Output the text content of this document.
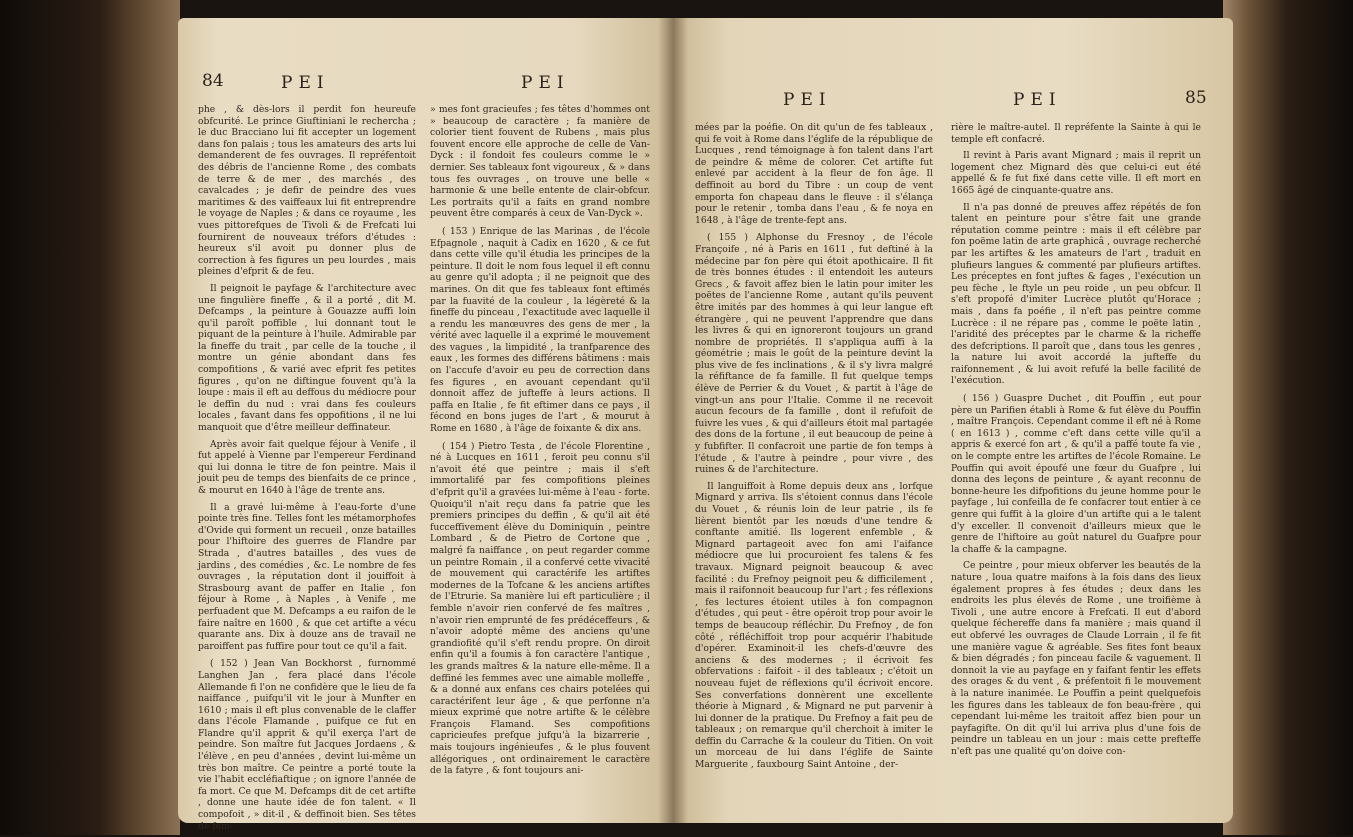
84	PEI	PEI

phe , & dès-lors il perdit fon heureufe obfcurité. Le prince Giuftiniani le rechercha ; le duc Bracciano lui fit accepter un logement dans fon palais ; tous les amateurs des arts lui demanderent de fes ouvrages. Il repréfentoit des débris de l'ancienne Rome , des combats de terre & de mer , des marchés , des cavalcades ; je defir de peindre des vues maritimes & des vaiffeaux lui fit entreprendre le voyage de Naples ; & dans ce royaume , les vues pittorefques de Tivoli & de Frefcati lui fournirent de nouveaux tréfors d'études : heureux s'il avoit pu donner plus de correction à fes figures un peu lourdes , mais pleines d'efprit & de feu.

Il peignoit le payfage & l'architecture avec une fingulière fineffe , & il a porté , dit M. Defcamps , la peinture à Gouazze auffi loin qu'il paroît poffible , lui donnant tout le piquant de la peinture à l'huile. Admirable par la fineffe du trait , par celle de la touche , il montre un génie abondant dans fes compofitions , & varié avec efprit fes petites figures , qu'on ne diftingue fouvent qu'à la loupe : mais il eft au deffous du médiocre pour le deffin du nud : vrai dans fes couleurs locales , favant dans fes oppofitions , il ne lui manquoit que d'être meilleur deffinateur.

Après avoir fait quelque féjour à Venife , il fut appelé à Vienne par l'empereur Ferdinand qui lui donna le titre de fon peintre. Mais il jouit peu de temps des bienfaits de ce prince , & mourut en 1640 à l'âge de trente ans.

Il a gravé lui-même à l'eau-forte d'une pointe très fine. Telles font les métamorphofes d'Ovide qui forment un recueil , onze batailles pour l'hiftoire des guerres de Flandre par Strada , d'autres batailles , des vues de jardins , des comédies , &c. Le nombre de fes ouvrages , la réputation dont il jouiffoit à Strasbourg avant de paffer en Italie , fon féjour à Rome , à Naples , à Venife , me perfuadent que M. Defcamps a eu raifon de le faire naître en 1600 , & que cet artifte a vécu quarante ans. Dix à douze ans de travail ne paroiffent pas fuffire pour tout ce qu'il a fait.

( 152 ) Jean Van Bockhorst , furnommé Langhen Jan , fera placé dans l'école Allemande fi l'on ne confidère que le lieu de fa naiffance , puifqu'il vit le jour à Munfter en 1610 ; mais il eft plus convenable de le claffer dans l'école Flamande , puifque ce fut en Flandre qu'il apprit & qu'il exerça l'art de peindre. Son maître fut Jacques Jordaens , & l'élève , en peu d'années , devint lui-même un très bon maître. Ce peintre a porté toute la vie l'habit eccléfiaftique ; on ignore l'année de fa mort. Ce que M. Defcamps dit de cet artifte , donne une haute idée de fon talent. « Il compofoit , » dit-il , & deffinoit bien. Ses têtes de fem-

» mes font gracieufes ; fes têtes d'hommes ont » beaucoup de caractère ; fa manière de colorier tient fouvent de Rubens , mais plus fouvent encore elle approche de celle de Van-Dyck : il fondoit fes couleurs comme le » dernier. Ses tableaux font vigoureux , & » dans tous fes ouvrages , on trouve une belle « harmonie & une belle entente de clair-obfcur. Les portraits qu'il a faits en grand nombre peuvent être comparés à ceux de Van-Dyck ».

( 153 ) Enrique de las Marinas , de l'école Efpagnole , naquit à Cadix en 1620 , & ce fut dans cette ville qu'il étudia les principes de la peinture. Il doit le nom fous lequel il eft connu au genre qu'il adopta ; il ne peignoit que des marines. On dit que fes tableaux font eftimés par la fuavité de la couleur , la légèreté & la fineffe du pinceau , l'exactitude avec laquelle il a rendu les manœuvres des gens de mer , la vérité avec laquelle il a exprimé le mouvement des vagues , la limpidité , la tranfparence des eaux , les formes des différens bâtimens : mais on l'accufe d'avoir eu peu de correction dans fes figures , en avouant cependant qu'il donnoit affez de jufteffe à leurs actions. Il paffa en Italie , fe fit eftimer dans ce pays , il fécond en bons juges de l'art , & mourut à Rome en 1680 , à l'âge de foixante & dix ans.

( 154 ) Pietro Testa , de l'école Florentine , né à Lucques en 1611 , feroit peu connu s'il n'avoit été que peintre ; mais il s'eft immortalifé par fes compofitions pleines d'efprit qu'il a gravées lui-même à l'eau - forte. Quoiqu'il n'ait reçu dans fa patrie que les premiers principes du deffin , & qu'il ait été fucceffivement élève du Dominiquin , peintre Lombard , & de Pietro de Cortone que , malgré fa naiffance , on peut regarder comme un peintre Romain , il a confervé cette vivacité de mouvement qui caractérife les artiftes modernes de la Tofcane & les anciens artiftes de l'Etrurie. Sa manière lui eft particulière ; il femble n'avoir rien confervé de fes maîtres , n'avoir rien emprunté de fes prédéceffeurs , & n'avoir adopté même des anciens qu'une grandiofité qu'il s'eft rendu propre. On diroit enfin qu'il a foumis à fon caractère l'antique , les grands maîtres & la nature elle-même. Il a deffiné les femmes avec une aimable molleffe , & a donné aux enfans ces chairs potelées qui caractérifent leur âge , & que perfonne n'a mieux exprimé que notre artifte & le célèbre François Flamand. Ses compofitions capricieufes prefque jufqu'à la bizarrerie , mais toujours ingénieufes , & le plus fouvent allégoriques , ont ordinairement le caractère de la fatyre , & font toujours ani-

PEI	PEI	85

mées par la poéfie. On dit qu'un de fes tableaux , qui fe voit à Rome dans l'églife de la république de Lucques , rend témoignage à fon talent dans l'art de peindre & même de colorer. Cet artifte fut enlevé par accident à la fleur de fon âge. Il deffinoit au bord du Tibre : un coup de vent emporta fon chapeau dans le fleuve : il s'élança pour le retenir , tomba dans l'eau , & fe noya en 1648 , à l'âge de trente-fept ans.

( 155 ) Alphonse du Fresnoy , de l'école Françoife , né à Paris en 1611 , fut deftiné à la médecine par fon père qui étoit apothicaire. Il fit de très bonnes études : il entendoit les auteurs Grecs , & favoit affez bien le latin pour imiter les poëtes de l'ancienne Rome , autant qu'ils peuvent être imités par des hommes à qui leur langue eft étrangère , qui ne peuvent l'apprendre que dans les livres & qui en ignoreront toujours un grand nombre de propriétés. Il s'appliqua auffi à la géométrie ; mais le goût de la peinture devint la plus vive de fes inclinations , & il s'y livra malgré la réfiftance de fa famille. Il fut quelque temps élève de Perrier & du Vouet , & partit à l'âge de vingt-un ans pour l'Italie. Comme il ne recevoit aucun fecours de fa famille , dont il refufoit de fuivre les vues , & qui d'ailleurs étoit mal partagée des dons de la fortune , il eut beaucoup de peine à y fubfifter. Il confacroit une partie de fon temps à l'étude , & l'autre à peindre , pour vivre , des ruines & de l'architecture.

Il languiffoit à Rome depuis deux ans , lorfque Mignard y arriva. Ils s'étoient connus dans l'école du Vouet , & réunis loin de leur patrie , ils fe lièrent bientôt par les nœuds d'une tendre & conftante amitié. Ils logerent enfemble , & Mignard partageoit avec fon ami l'aifance médiocre que lui procuroient fes talens & fes travaux. Mignard peignoit beaucoup & avec facilité : du Frefnoy peignoit peu & difficilement , mais il raifonnoit beaucoup fur l'art ; fes réflexions , fes lectures étoient utiles à fon compagnon d'études , qui peut - être opéroit trop pour avoir le temps de beaucoup réfléchir. Du Frefnoy , de fon côté , réfléchiffoit trop pour acquérir l'habitude d'opérer. Examinoit-il les chefs-d'œuvre des anciens & des modernes ; il écrivoit fes obfervations : faifoit - il des tableaux ; c'étoit un nouveau fujet de réflexions qu'il écrivoit encore. Ses converfations donnèrent une excellente théorie à Mignard , & Mignard ne put parvenir à lui donner de la pratique. Du Frefnoy a fait peu de tableaux ; on remarque qu'il cherchoit à imiter le deffin du Carrache & la couleur du Titien. On voit un morceau de lui dans l'églife de Sainte Marguerite , fauxbourg Saint Antoine , der-

rière le maître-autel. Il repréfente la Sainte à qui le temple eft confacré.

Il revint à Paris avant Mignard ; mais il reprit un logement chez Mignard dès que celui-ci eut été appellé & fe fut fixé dans cette ville. Il eft mort en 1665 âgé de cinquante-quatre ans.

Il n'a pas donné de preuves affez répétés de fon talent en peinture pour s'être fait une grande réputation comme peintre : mais il eft célèbre par fon poëme latin de arte graphicâ , ouvrage recherché par les artiftes & les amateurs de l'art , traduit en plufieurs langues & commenté par plufieurs artiftes. Les préceptes en font juftes & fages , l'exécution un peu fèche , le ftyle un peu roide , un peu obfcur. Il s'eft propofé d'imiter Lucrèce plutôt qu'Horace ; mais , dans fa poéfie , il n'eft pas peintre comme Lucrèce : il ne répare pas , comme le poëte latin , l'aridité des préceptes par le charme & la richeffe des defcriptions. Il paroît que , dans tous les genres , la nature lui avoit accordé la jufteffe du raifonnement , & lui avoit refufé la belle facilité de l'exécution.

( 156 ) Guaspre Duchet , dit Pouffin , eut pour père un Parifien établi à Rome & fut élève du Pouffin , maître François. Cependant comme il eft né à Rome ( en 1613 ) , comme c'eft dans cette ville qu'il a appris & exercé fon art , & qu'il a paffé toute fa vie , on le compte entre les artiftes de l'école Romaine. Le Pouffin qui avoit époufé une fœur du Guafpre , lui donna des leçons de peinture , & ayant reconnu de bonne-heure les difpofitions du jeune homme pour le payfage , lui confeilla de fe confacrer tout entier à ce genre qui fuffit à la gloire d'un artifte qui a le talent d'y exceller. Il convenoit d'ailleurs mieux que le genre de l'hiftoire au goût naturel du Guafpre pour la chaffe & la campagne.

Ce peintre , pour mieux obferver les beautés de la nature , loua quatre maifons à la fois dans des lieux également propres à fes études ; deux dans les endroits les plus élevés de Rome , une troifième à Tivoli , une autre encore à Frefcati. Il eut d'abord quelque féchereffe dans fa manière ; mais quand il eut obfervé les ouvrages de Claude Lorrain , il fe fit une manière vague & agréable. Ses fites font beaux & bien dégradés ; fon pinceau facile & vaguement. Il donnoit la vie au payfage en y faifant fentir les effets des orages & du vent , & préfentoit fi le mouvement à la nature inanimée. Le Pouffin a peint quelquefois les figures dans les tableaux de fon beau-frère , qui cependant lui-même les traitoit affez bien pour un payfagifte. On dit qu'il lui arriva plus d'une fois de peindre un tableau en un jour : mais cette prefteffe n'eft pas une qualité qu'on doive con-
